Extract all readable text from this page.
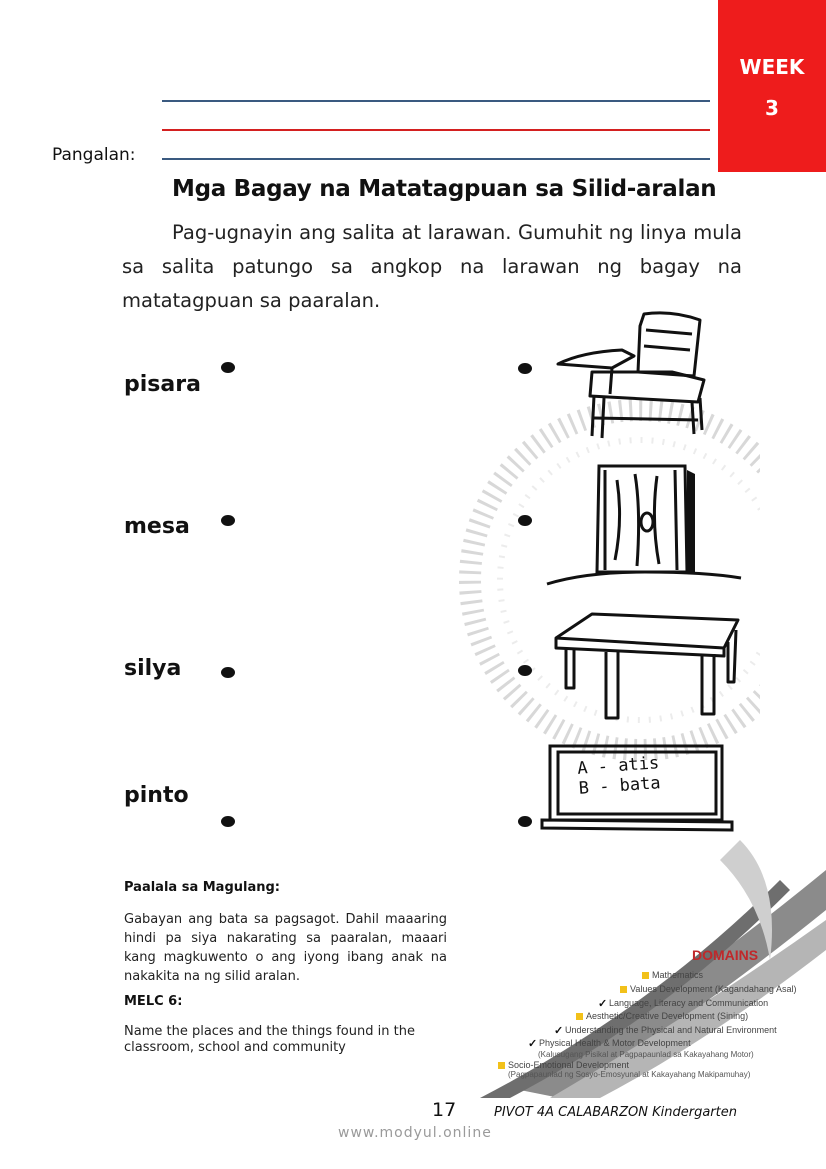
WEEK
3
Pangalan:
Mga Bagay na Matatagpuan sa Silid-aralan
Pag-ugnayin ang salita at larawan. Gumuhit ng linya mula sa salita patungo sa angkop na larawan ng bagay na matatagpuan sa paaralan.
pisara
mesa
silya
pinto
A - atis
B - bata
Paalala sa Magulang:
Gabayan ang bata sa pagsagot. Dahil maaaring hindi pa siya nakarating sa paaralan, maaari kang magkuwento o ang iyong ibang anak na nakakita na ng silid aralan.
MELC 6:
Name the places and the things found in the classroom, school and community
DOMAINS
Mathematics
Values Development (Kagandahang Asal)
✓ Language, Literacy and Communication
Aesthetic/Creative Development (Sining)
✓ Understanding the Physical and Natural Environment
✓ Physical Health & Motor Development
(Kalusugang Pisikal at Pagpapaunlad sa Kakayahang Motor)
Socio-Emotional Development
(Pagpapaunlad ng Sosyo-Emosyunal at Kakayahang Makipamuhay)
17	PIVOT 4A CALABARZON Kindergarten
www.modyul.online
